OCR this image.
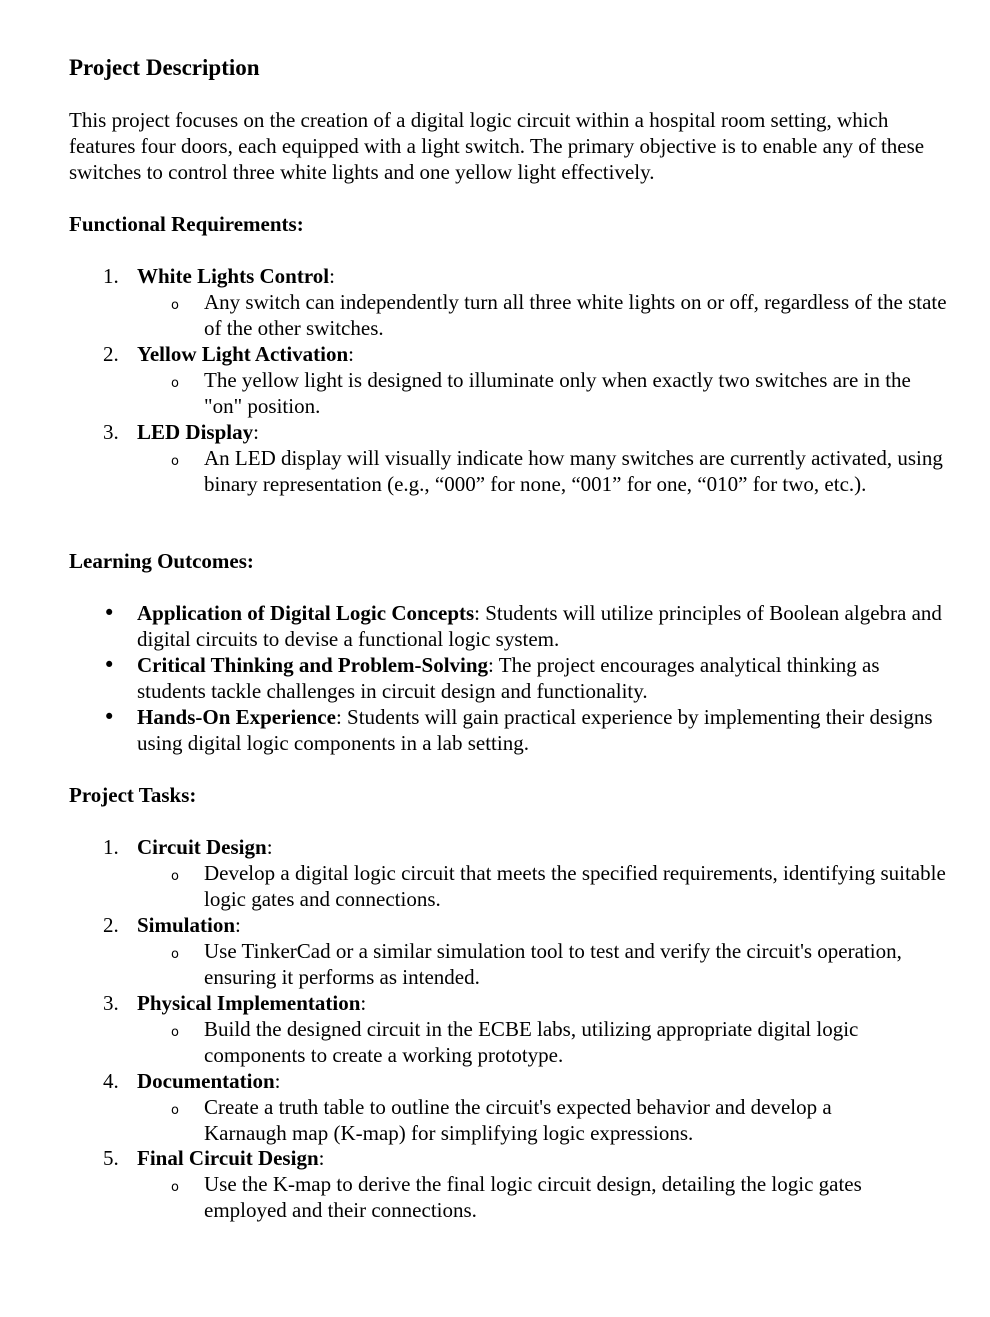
Project Description
This project focuses on the creation of a digital logic circuit within a hospital room setting, which features four doors, each equipped with a light switch. The primary objective is to enable any of these switches to control three white lights and one yellow light effectively.
Functional Requirements:
1. White Lights Control:
o Any switch can independently turn all three white lights on or off, regardless of the state of the other switches.
2. Yellow Light Activation:
o The yellow light is designed to illuminate only when exactly two switches are in the "on" position.
3. LED Display:
o An LED display will visually indicate how many switches are currently activated, using binary representation (e.g., “000” for none, “001” for one, “010” for two, etc.).
Learning Outcomes:
• Application of Digital Logic Concepts: Students will utilize principles of Boolean algebra and digital circuits to devise a functional logic system.
• Critical Thinking and Problem-Solving: The project encourages analytical thinking as students tackle challenges in circuit design and functionality.
• Hands-On Experience: Students will gain practical experience by implementing their designs using digital logic components in a lab setting.
Project Tasks:
1. Circuit Design:
o Develop a digital logic circuit that meets the specified requirements, identifying suitable logic gates and connections.
2. Simulation:
o Use TinkerCad or a similar simulation tool to test and verify the circuit's operation, ensuring it performs as intended.
3. Physical Implementation:
o Build the designed circuit in the ECBE labs, utilizing appropriate digital logic components to create a working prototype.
4. Documentation:
o Create a truth table to outline the circuit's expected behavior and develop a Karnaugh map (K-map) for simplifying logic expressions.
5. Final Circuit Design:
o Use the K-map to derive the final logic circuit design, detailing the logic gates employed and their connections.
